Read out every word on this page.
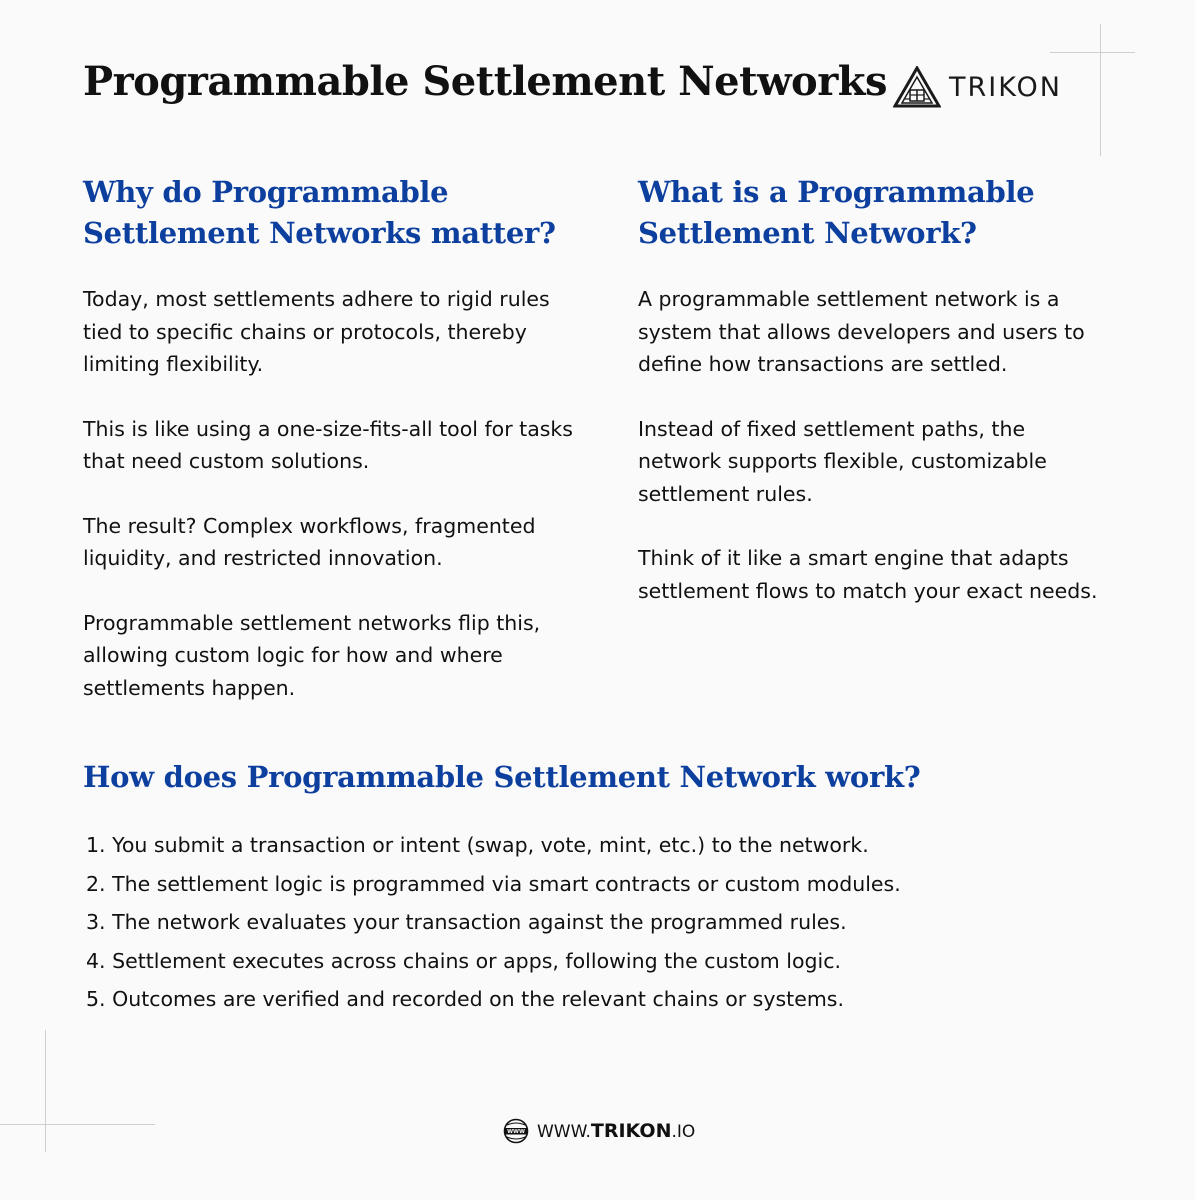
Programmable Settlement Networks TRIKON
Why do Programmable
Settlement Networks matter?

Today, most settlements adhere to rigid rules tied to specific chains or protocols, thereby limiting flexibility.

This is like using a one-size-fits-all tool for tasks that need custom solutions.

The result? Complex workflows, fragmented liquidity, and restricted innovation.

Programmable settlement networks flip this, allowing custom logic for how and where settlements happen.

What is a Programmable
Settlement Network?

A programmable settlement network is a system that allows developers and users to define how transactions are settled.

Instead of fixed settlement paths, the network supports flexible, customizable settlement rules.

Think of it like a smart engine that adapts settlement flows to match your exact needs.

How does Programmable Settlement Network work?
1. You submit a transaction or intent (swap, vote, mint, etc.) to the network.
2. The settlement logic is programmed via smart contracts or custom modules.
3. The network evaluates your transaction against the programmed rules.
4. Settlement executes across chains or apps, following the custom logic.
5. Outcomes are verified and recorded on the relevant chains or systems.
WWW WWW.TRIKON.IO
